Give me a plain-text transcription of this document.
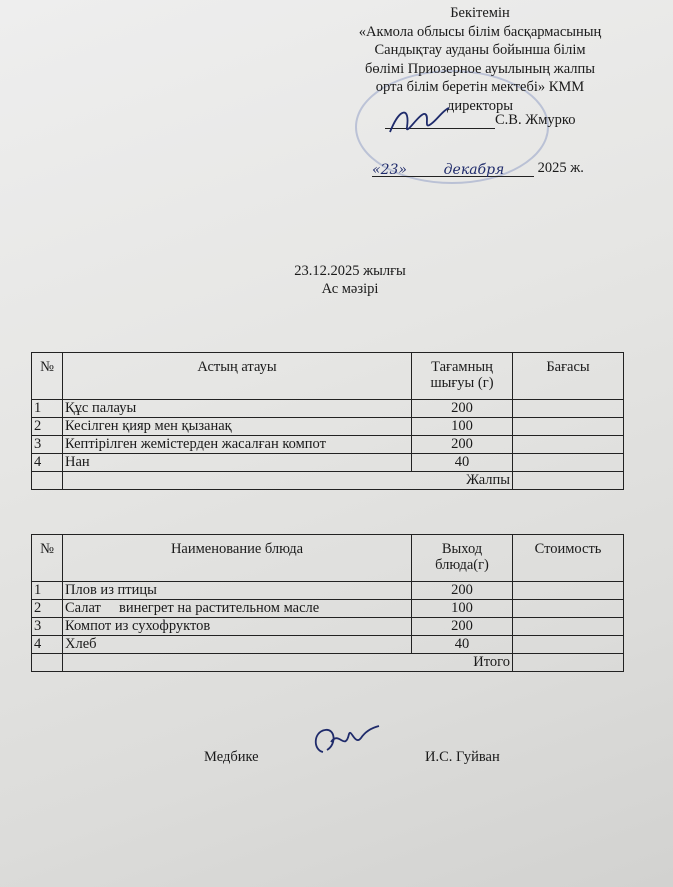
Бекітемін
«Акмола облысы білім басқармасының
Сандықтау ауданы бойынша білім
бөлімі Приозерное ауылының жалпы
орта білім беретін мектебі» КММ
директоры
С.В. Жмурко
«23»	декабря 2025 ж.
23.12.2025 жылғы
Ас мәзірі
№	Астың атауы	Тағамның шығуы (г)	Бағасы
1	Құс палауы	200	
2	Кесілген қияр мен қызанақ	100	
3	Кептірілген жемістерден жасалған компот	200	
4	Нан	40	
	Жалпы		
№	Наименование блюда	Выход блюда(г)	Стоимость
1	Плов из птицы	200	
2	Салат     винегрет на растительном масле	100	
3	Компот из сухофруктов	200	
4	Хлеб	40	
	Итого		
Медбике	И.С. Гуйван
